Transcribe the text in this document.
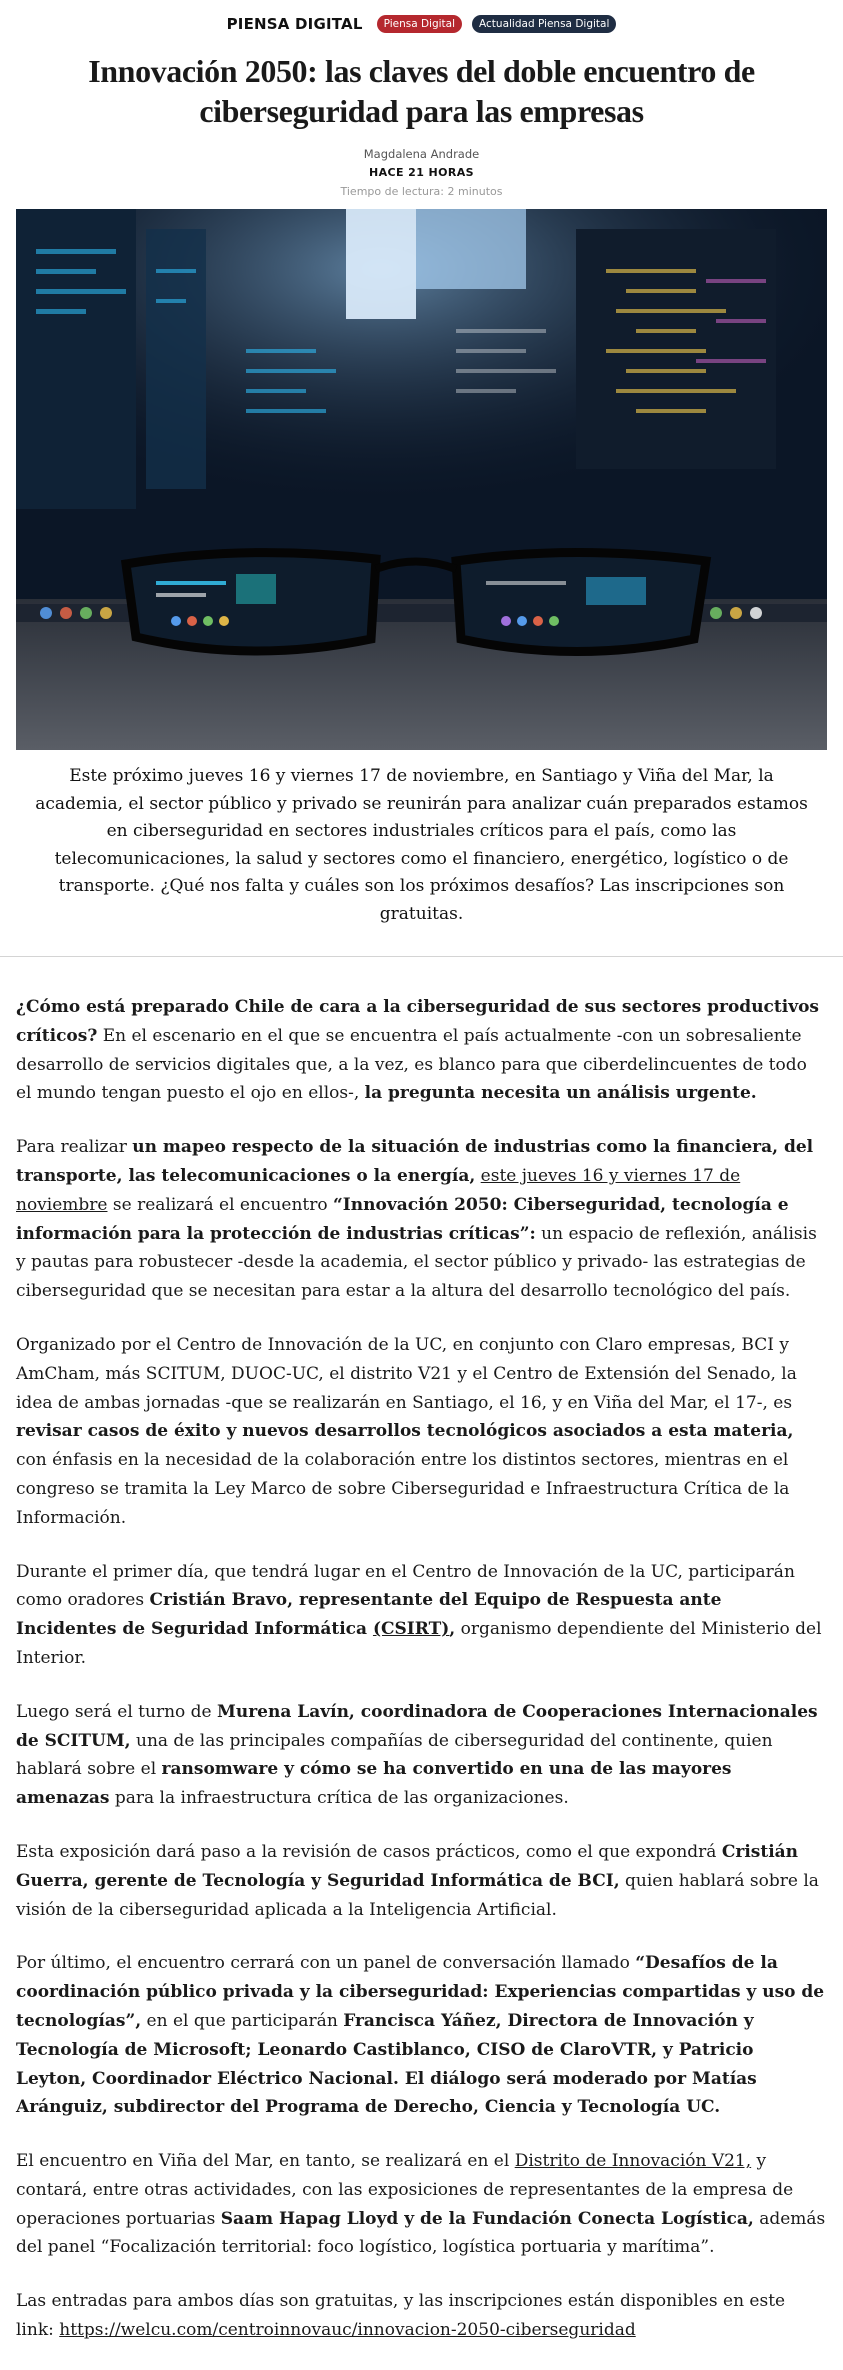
PIENSA DIGITAL	Piensa Digital	Actualidad Piensa Digital
Innovación 2050: las claves del doble encuentro de ciberseguridad para las empresas
Magdalena Andrade
HACE 21 HORAS
Tiempo de lectura: 2 minutos

Este próximo jueves 16 y viernes 17 de noviembre, en Santiago y Viña del Mar, la academia, el sector público y privado se reunirán para analizar cuán preparados estamos en ciberseguridad en sectores industriales críticos para el país, como las telecomunicaciones, la salud y sectores como el financiero, energético, logístico o de transporte. ¿Qué nos falta y cuáles son los próximos desafíos? Las inscripciones son gratuitas.

¿Cómo está preparado Chile de cara a la ciberseguridad de sus sectores productivos críticos? En el escenario en el que se encuentra el país actualmente -con un sobresaliente desarrollo de servicios digitales que, a la vez, es blanco para que ciberdelincuentes de todo el mundo tengan puesto el ojo en ellos-, la pregunta necesita un análisis urgente.

Para realizar un mapeo respecto de la situación de industrias como la financiera, del transporte, las telecomunicaciones o la energía, este jueves 16 y viernes 17 de noviembre se realizará el encuentro “Innovación 2050: Ciberseguridad, tecnología e información para la protección de industrias críticas”: un espacio de reflexión, análisis y pautas para robustecer -desde la academia, el sector público y privado- las estrategias de ciberseguridad que se necesitan para estar a la altura del desarrollo tecnológico del país.

Organizado por el Centro de Innovación de la UC, en conjunto con Claro empresas, BCI y AmCham, más SCITUM, DUOC-UC, el distrito V21 y el Centro de Extensión del Senado, la idea de ambas jornadas -que se realizarán en Santiago, el 16, y en Viña del Mar, el 17-, es revisar casos de éxito y nuevos desarrollos tecnológicos asociados a esta materia, con énfasis en la necesidad de la colaboración entre los distintos sectores, mientras en el congreso se tramita la Ley Marco de sobre Ciberseguridad e Infraestructura Crítica de la Información.

Durante el primer día, que tendrá lugar en el Centro de Innovación de la UC, participarán como oradores Cristián Bravo, representante del Equipo de Respuesta ante Incidentes de Seguridad Informática (CSIRT), organismo dependiente del Ministerio del Interior.

Luego será el turno de Murena Lavín, coordinadora de Cooperaciones Internacionales de SCITUM, una de las principales compañías de ciberseguridad del continente, quien hablará sobre el ransomware y cómo se ha convertido en una de las mayores amenazas para la infraestructura crítica de las organizaciones.

Esta exposición dará paso a la revisión de casos prácticos, como el que expondrá Cristián Guerra, gerente de Tecnología y Seguridad Informática de BCI, quien hablará sobre la visión de la ciberseguridad aplicada a la Inteligencia Artificial.

Por último, el encuentro cerrará con un panel de conversación llamado “Desafíos de la coordinación público privada y la ciberseguridad: Experiencias compartidas y uso de tecnologías”, en el que participarán Francisca Yáñez, Directora de Innovación y Tecnología de Microsoft; Leonardo Castiblanco, CISO de ClaroVTR, y Patricio Leyton, Coordinador Eléctrico Nacional. El diálogo será moderado por Matías Aránguiz, subdirector del Programa de Derecho, Ciencia y Tecnología UC.

El encuentro en Viña del Mar, en tanto, se realizará en el Distrito de Innovación V21, y contará, entre otras actividades, con las exposiciones de representantes de la empresa de operaciones portuarias Saam Hapag Lloyd y de la Fundación Conecta Logística, además del panel “Focalización territorial: foco logístico, logística portuaria y marítima”.

Las entradas para ambos días son gratuitas, y las inscripciones están disponibles en este link: https://welcu.com/centroinnovauc/innovacion-2050-ciberseguridad
